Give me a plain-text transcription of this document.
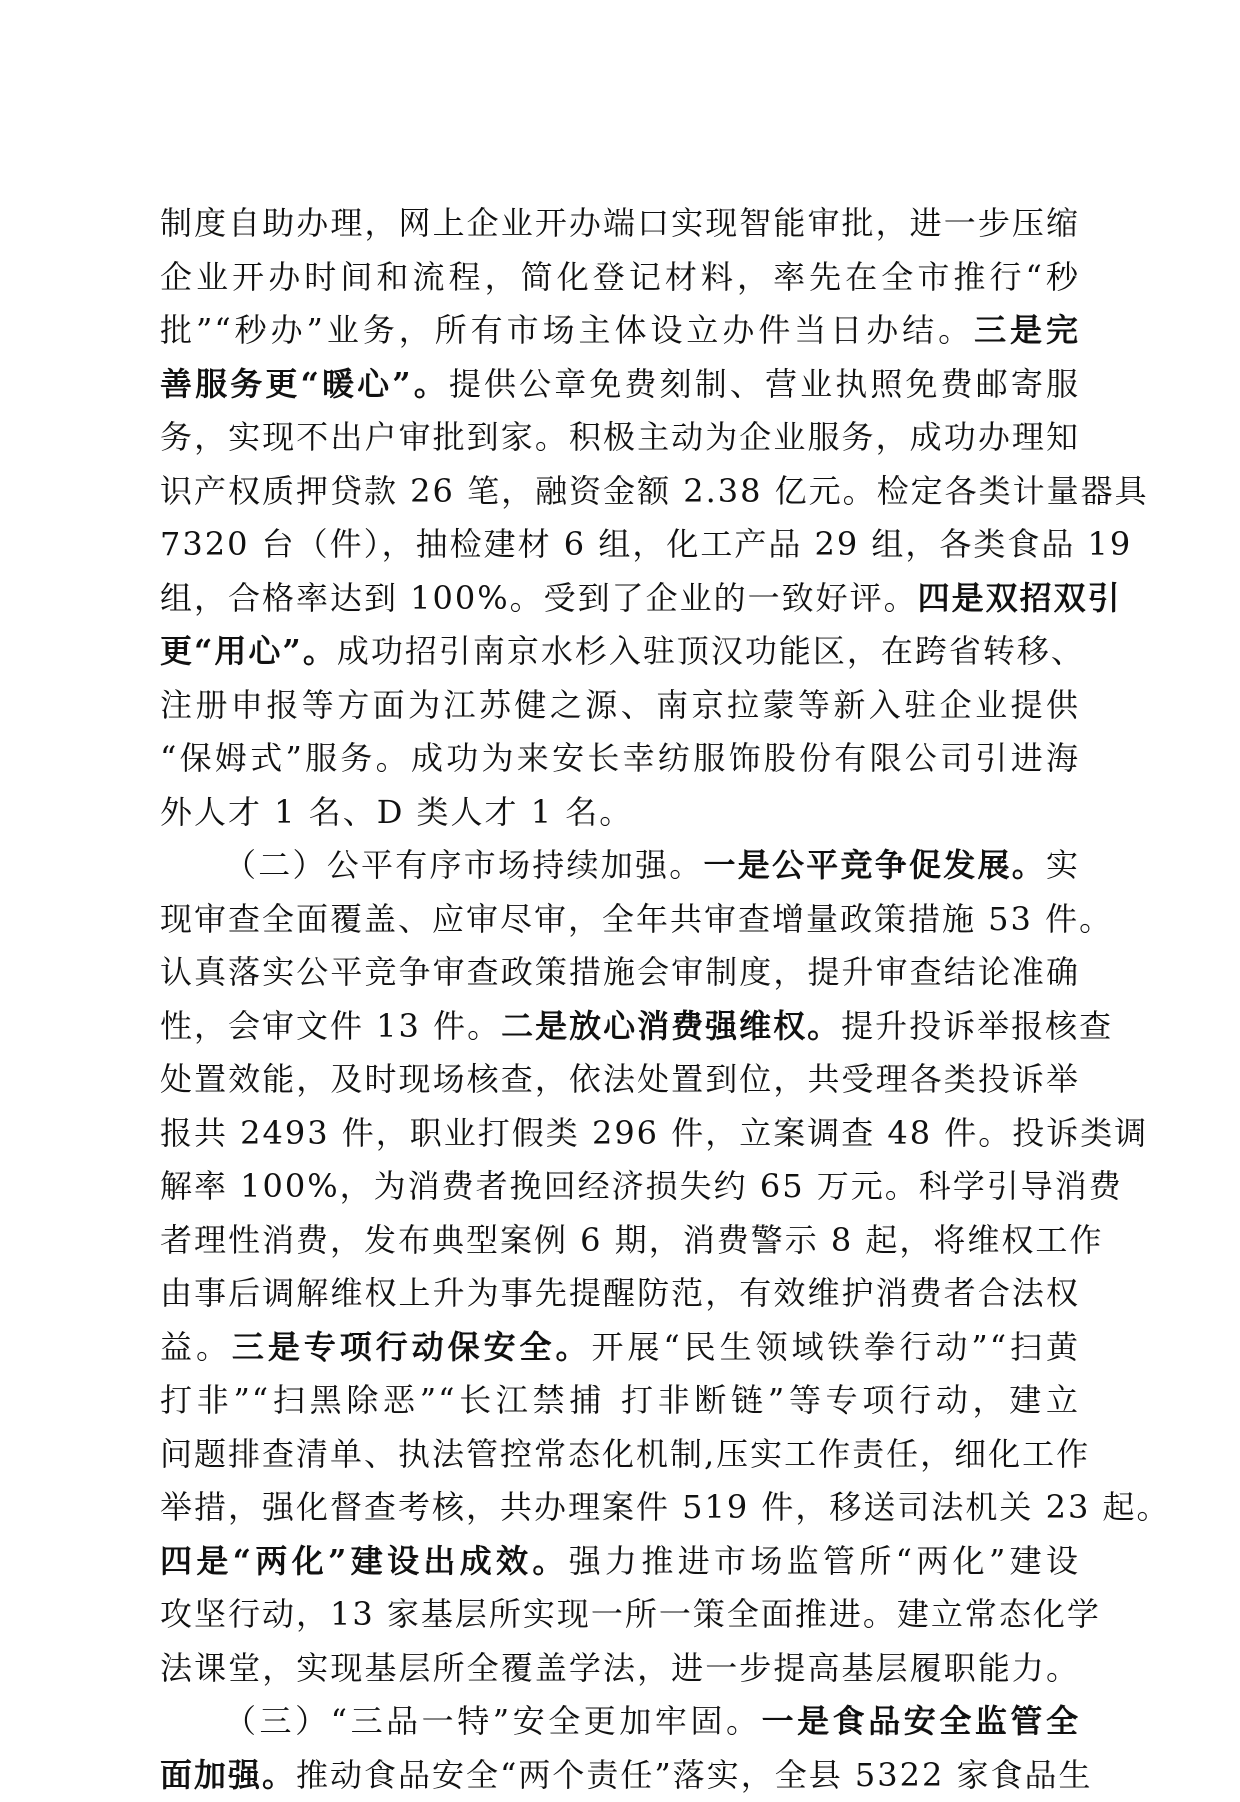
制度自助办理，网上企业开办端口实现智能审批，进一步压缩
企业开办时间和流程，简化登记材料，率先在全市推行“秒
批”“秒办”业务，所有市场主体设立办件当日办结。三是完
善服务更“暖心”。提供公章免费刻制、营业执照免费邮寄服
务，实现不出户审批到家。积极主动为企业服务，成功办理知
识产权质押贷款 26 笔，融资金额 2.38 亿元。检定各类计量器具
7320 台（件），抽检建材 6 组，化工产品 29 组，各类食品 19
组，合格率达到 100%。受到了企业的一致好评。四是双招双引
更“用心”。成功招引南京水杉入驻顶汉功能区，在跨省转移、
注册申报等方面为江苏健之源、南京拉蒙等新入驻企业提供
“保姆式”服务。成功为来安长幸纺服饰股份有限公司引进海
外人才 1 名、D 类人才 1 名。
（二）公平有序市场持续加强。一是公平竞争促发展。实
现审查全面覆盖、应审尽审，全年共审查增量政策措施 53 件。
认真落实公平竞争审查政策措施会审制度，提升审查结论准确
性，会审文件 13 件。二是放心消费强维权。提升投诉举报核查
处置效能，及时现场核查，依法处置到位，共受理各类投诉举
报共 2493 件，职业打假类 296 件，立案调查 48 件。投诉类调
解率 100%，为消费者挽回经济损失约 65 万元。科学引导消费
者理性消费，发布典型案例 6 期，消费警示 8 起，将维权工作
由事后调解维权上升为事先提醒防范，有效维护消费者合法权
益。三是专项行动保安全。开展“民生领域铁拳行动”“扫黄
打非”“扫黑除恶”“长江禁捕 打非断链”等专项行动，建立
问题排查清单、执法管控常态化机制,压实工作责任，细化工作
举措，强化督查考核，共办理案件 519 件，移送司法机关 23 起。
四是“两化”建设出成效。强力推进市场监管所“两化”建设
攻坚行动，13 家基层所实现一所一策全面推进。建立常态化学
法课堂，实现基层所全覆盖学法，进一步提高基层履职能力。
（三）“三品一特”安全更加牢固。一是食品安全监管全
面加强。推动食品安全“两个责任”落实，全县 5322 家食品生
